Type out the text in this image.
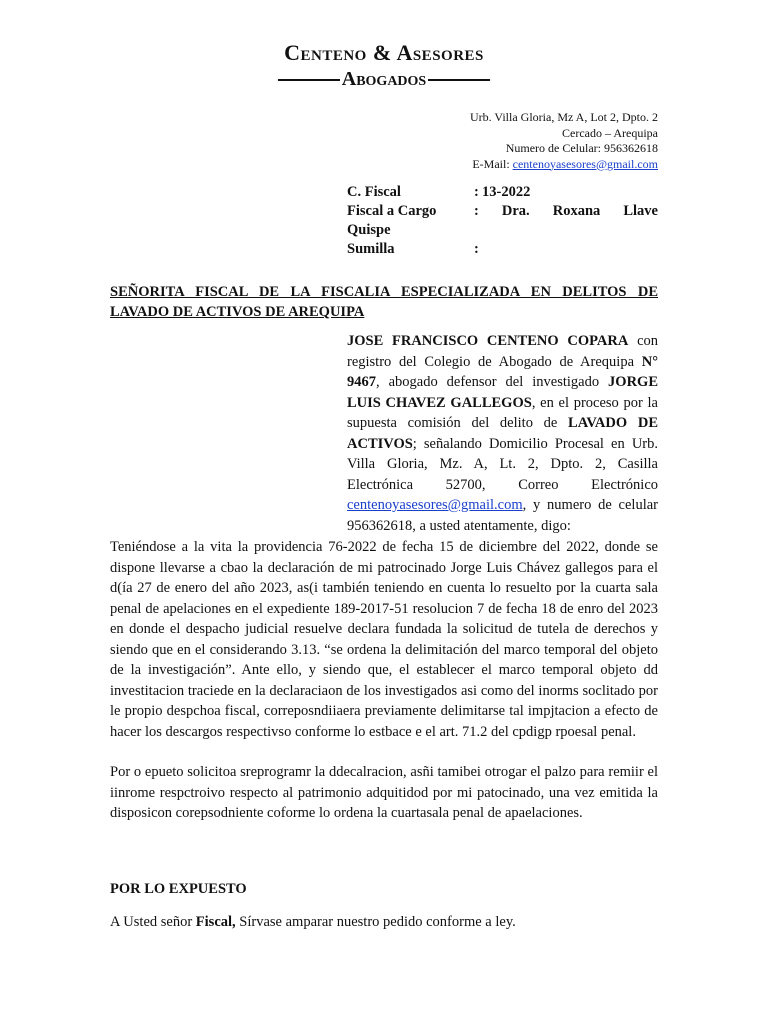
Centeno & Asesores
Abogados
Urb. Villa Gloria, Mz A, Lot 2, Dpto. 2
Cercado – Arequipa
Numero de Celular: 956362618
E-Mail: centenoyasesores@gmail.com
C. Fiscal	: 13-2022
Fiscal a Cargo	: Dra. Roxana Llave
Quispe
Sumilla	:
SEÑORITA FISCAL DE LA FISCALIA ESPECIALIZADA EN DELITOS DE LAVADO DE ACTIVOS DE AREQUIPA
JOSE FRANCISCO CENTENO COPARA con registro del Colegio de Abogado de Arequipa N° 9467, abogado defensor del investigado JORGE LUIS CHAVEZ GALLEGOS, en el proceso por la supuesta comisión del delito de LAVADO DE ACTIVOS; señalando Domicilio Procesal en Urb. Villa Gloria, Mz. A, Lt. 2, Dpto. 2, Casilla Electrónica 52700, Correo Electrónico centenoyasesores@gmail.com, y numero de celular 956362618, a usted atentamente, digo:
Teniéndose a la vita la providencia 76-2022 de fecha 15 de diciembre del 2022, donde se dispone llevarse a cbao la declaración de mi patrocinado Jorge Luis Chávez gallegos para el d(ía 27 de enero del año 2023, as(i también teniendo en cuenta lo resuelto por la cuarta sala penal de apelaciones en el expediente 189-2017-51 resolucion 7 de fecha 18 de enro del 2023 en donde el despacho judicial resuelve declara fundada la solicitud de tutela de derechos y siendo que en el considerando 3.13. “se ordena la delimitación del marco temporal del objeto de la investigación”. Ante ello, y siendo que, el establecer el marco temporal objeto dd investitacion traciede en la declaraciaon de los investigados asi como del inorms soclitado por le propio despchoa fiscal, correposndiiaera previamente delimitarse tal impjtacion a efecto de hacer los descargos respectivso conforme lo estbace e el art. 71.2 del cpdigp rpoesal penal.
Por o epueto solicitoa sreprogramr la ddecalracion, asñi tamibei otrogar el palzo para remiir el iinrome respctroivo respecto al patrimonio adquitidod por mi patocinado, una vez emitida la disposicon corepsodniente coforme lo ordena la cuartasala penal de apaelaciones.
POR LO EXPUESTO
A Usted señor Fiscal, Sírvase amparar nuestro pedido conforme a ley.
